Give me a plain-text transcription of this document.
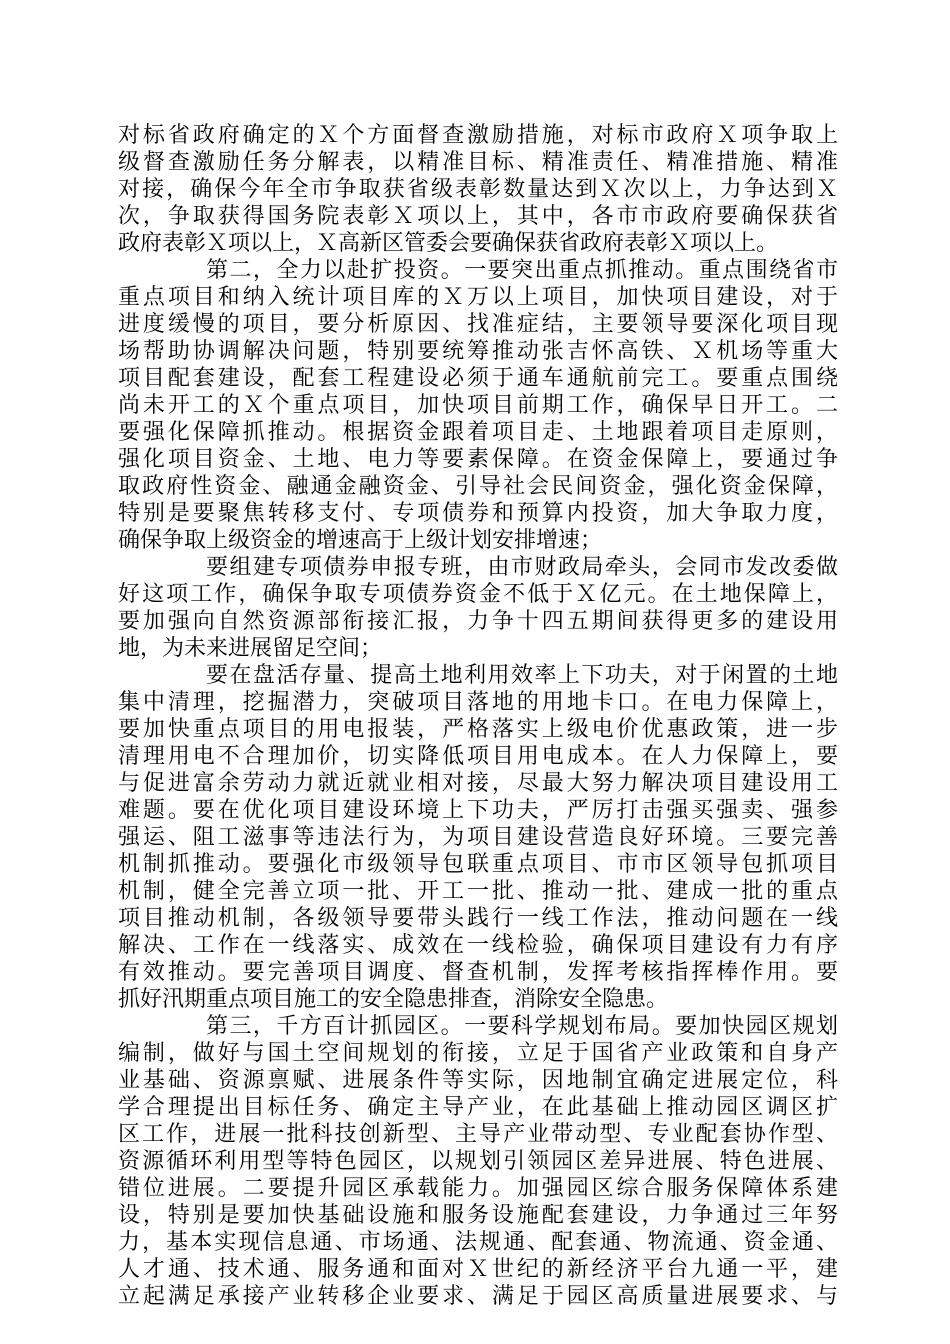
对标省政府确定的Ｘ个方面督查激励措施，对标市政府Ｘ项争取上
级督查激励任务分解表，以精准目标、精准责任、精准措施、精准
对接，确保今年全市争取获省级表彰数量达到Ｘ次以上，力争达到Ｘ
次，争取获得国务院表彰Ｘ项以上，其中，各市市政府要确保获省
政府表彰Ｘ项以上，Ｘ高新区管委会要确保获省政府表彰Ｘ项以上。
第二，全力以赴扩投资。一要突出重点抓推动。重点围绕省市
重点项目和纳入统计项目库的Ｘ万以上项目，加快项目建设，对于
进度缓慢的项目，要分析原因、找准症结，主要领导要深化项目现
场帮助协调解决问题，特别要统筹推动张吉怀高铁、Ｘ机场等重大
项目配套建设，配套工程建设必须于通车通航前完工。要重点围绕
尚未开工的Ｘ个重点项目，加快项目前期工作，确保早日开工。二
要强化保障抓推动。根据资金跟着项目走、土地跟着项目走原则，
强化项目资金、土地、电力等要素保障。在资金保障上，要通过争
取政府性资金、融通金融资金、引导社会民间资金，强化资金保障，
特别是要聚焦转移支付、专项债券和预算内投资，加大争取力度，
确保争取上级资金的增速高于上级计划安排增速；
要组建专项债券申报专班，由市财政局牵头，会同市发改委做
好这项工作，确保争取专项债券资金不低于Ｘ亿元。在土地保障上，
要加强向自然资源部衔接汇报，力争十四五期间获得更多的建设用
地，为未来进展留足空间；
要在盘活存量、提高土地利用效率上下功夫，对于闲置的土地
集中清理，挖掘潜力，突破项目落地的用地卡口。在电力保障上，
要加快重点项目的用电报装，严格落实上级电价优惠政策，进一步
清理用电不合理加价，切实降低项目用电成本。在人力保障上，要
与促进富余劳动力就近就业相对接，尽最大努力解决项目建设用工
难题。要在优化项目建设环境上下功夫，严厉打击强买强卖、强参
强运、阻工滋事等违法行为，为项目建设营造良好环境。三要完善
机制抓推动。要强化市级领导包联重点项目、市市区领导包抓项目
机制，健全完善立项一批、开工一批、推动一批、建成一批的重点
项目推动机制，各级领导要带头践行一线工作法，推动问题在一线
解决、工作在一线落实、成效在一线检验，确保项目建设有力有序
有效推动。要完善项目调度、督查机制，发挥考核指挥棒作用。要
抓好汛期重点项目施工的安全隐患排查，消除安全隐患。
第三，千方百计抓园区。一要科学规划布局。要加快园区规划
编制，做好与国土空间规划的衔接，立足于国省产业政策和自身产
业基础、资源禀赋、进展条件等实际，因地制宜确定进展定位，科
学合理提出目标任务、确定主导产业，在此基础上推动园区调区扩
区工作，进展一批科技创新型、主导产业带动型、专业配套协作型、
资源循环利用型等特色园区，以规划引领园区差异进展、特色进展、
错位进展。二要提升园区承载能力。加强园区综合服务保障体系建
设，特别是要加快基础设施和服务设施配套建设，力争通过三年努
力，基本实现信息通、市场通、法规通、配套通、物流通、资金通、
人才通、技术通、服务通和面对Ｘ世纪的新经济平台九通一平，建
立起满足承接产业转移企业要求、满足于园区高质量进展要求、与
